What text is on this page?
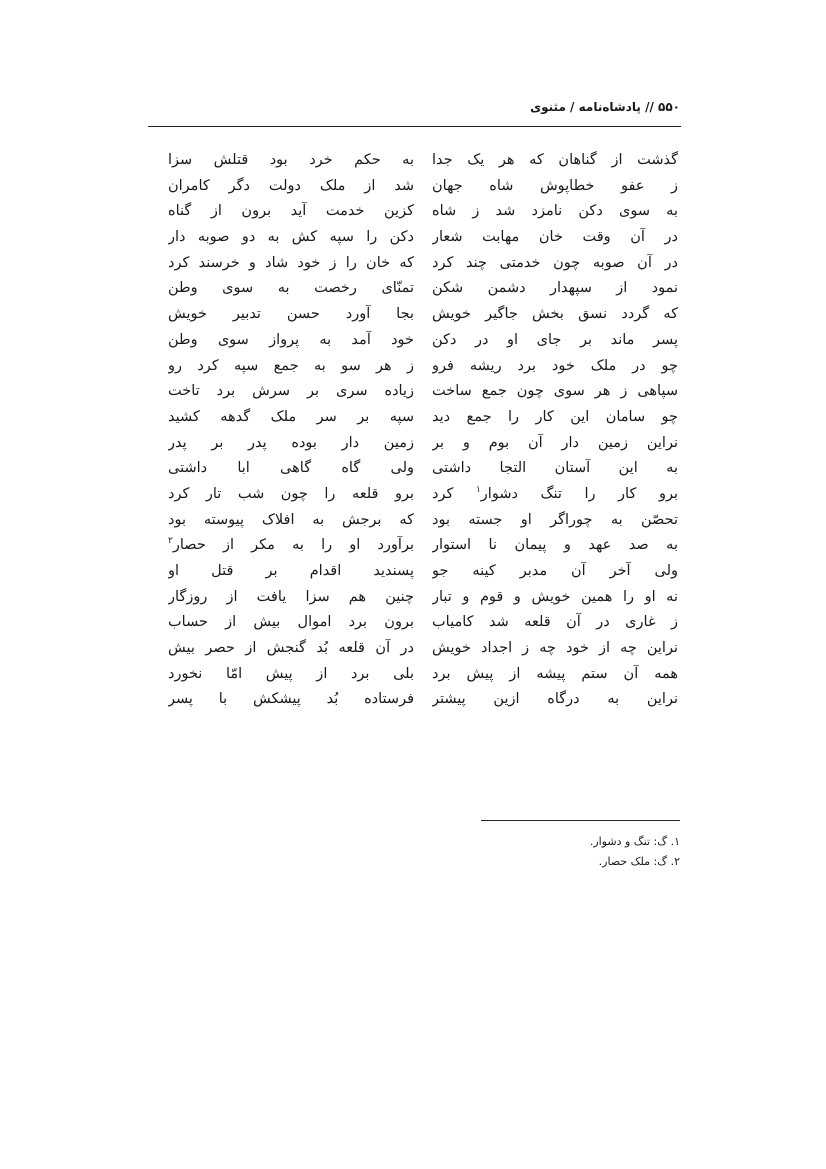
۵۵۰ // پادشاه‌نامه / مثنوی
گذشت از گناهان که هر یک جدا
ز عفو خطاپوش شاه جهان
به سوی دکن نامزد شد ز شاه
در آن وقت خان مهابت شعار
در آن صوبه چون خدمتی چند کرد
نمود از سپهدار دشمن شکن
که گردد نسق بخش جاگیر خویش
پسر ماند بر جای او در دکن
چو در ملک خود برد ریشه فرو
سپاهی ز هر سوی چون جمع ساخت
چو سامان این کار را جمع دید
نراین زمین دار آن بوم و بر
به این آستان التجا داشتی
برو کار را تنگ دشوار$^۱$ کرد
تحصّن به چوراگر او جسته بود
به صد عهد و پیمان نا استوار
ولی آخر آن مدبر کینه جو
نه او را همین خویش و قوم و تبار
ز غاری در آن قلعه شد کامیاب
نراین چه از خود چه ز اجداد خویش
همه آن ستم پیشه از پیش برد
نراین به درگاه ازین پیشتر
به حکم خرد بود قتلش سزا
شد از ملک دولت دگر کامران
کزین خدمت آید برون از گناه
دکن را سپه کش به دو صوبه دار
که خان را ز خود شاد و خرسند کرد
تمنّای رخصت به سوی وطن
بجا آورد حسن تدبیر خویش
خود آمد به پرواز سوی وطن
ز هر سو به جمع سپه کرد رو
زیاده سری بر سرش برد تاخت
سپه بر سر ملک گدهه کشید
زمین دار بوده پدر بر پدر
ولی گاه گاهی ابا داشتی
برو قلعه را چون شب تار کرد
که برجش به افلاک پیوسته بود
برآورد او را به مکر از حصار$^۲$
پسندید اقدام بر قتل او
چنین هم سزا یافت از روزگار
برون برد اموال بیش از حساب
در آن قلعه بُد گنجش از حصر بیش
بلی برد از پیش امّا نخورد
فرستاده بُد پیشکش با پسر
۱. گ: تنگ و دشوار.
۲. گ: ملک حصار.
